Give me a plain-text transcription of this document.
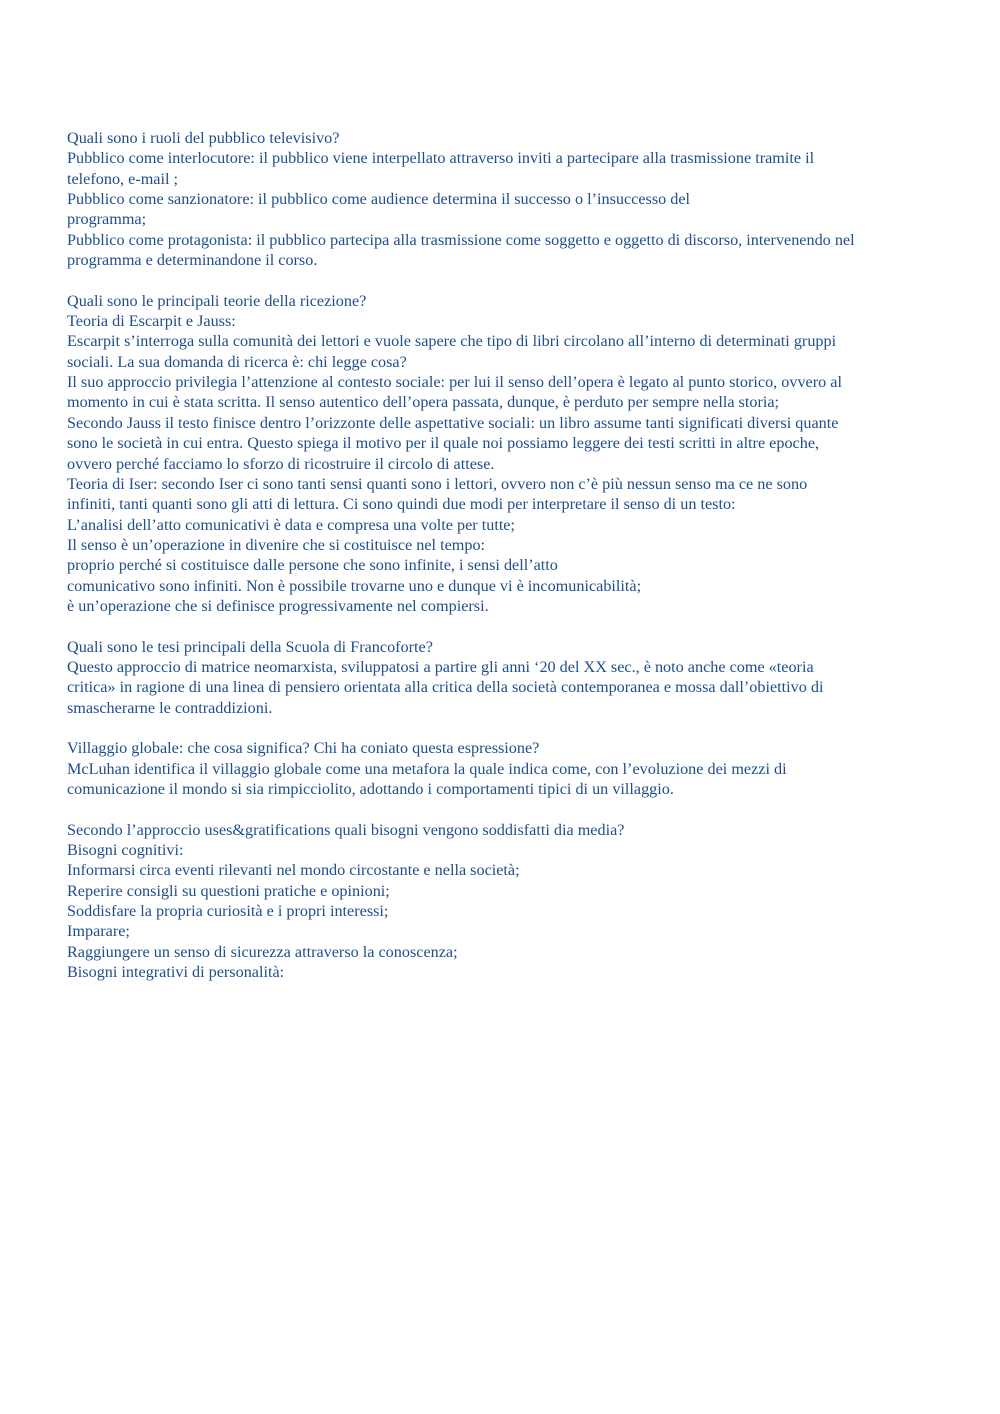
Quali sono i ruoli del pubblico televisivo?
Pubblico come interlocutore: il pubblico viene interpellato attraverso inviti a partecipare alla trasmissione tramite il
telefono, e-mail ;
Pubblico come sanzionatore: il pubblico come audience determina il successo o l’insuccesso del
programma;
Pubblico come protagonista: il pubblico partecipa alla trasmissione come soggetto e oggetto di discorso, intervenendo nel
programma e determinandone il corso.
Quali sono le principali teorie della ricezione?
Teoria di Escarpit e Jauss:
Escarpit s’interroga sulla comunità dei lettori e vuole sapere che tipo di libri circolano all’interno di determinati gruppi
sociali. La sua domanda di ricerca è: chi legge cosa?
Il suo approccio privilegia l’attenzione al contesto sociale: per lui il senso dell’opera è legato al punto storico, ovvero al
momento in cui è stata scritta. Il senso autentico dell’opera passata, dunque, è perduto per sempre nella storia;
Secondo Jauss il testo finisce dentro l’orizzonte delle aspettative sociali: un libro assume tanti significati diversi quante
sono le società in cui entra. Questo spiega il motivo per il quale noi possiamo leggere dei testi scritti in altre epoche,
ovvero perché facciamo lo sforzo di ricostruire il circolo di attese.
Teoria di Iser: secondo Iser ci sono tanti sensi quanti sono i lettori, ovvero non c’è più nessun senso ma ce ne sono
infiniti, tanti quanti sono gli atti di lettura. Ci sono quindi due modi per interpretare il senso di un testo:
L’analisi dell’atto comunicativi è data e compresa una volte per tutte;
Il senso è un’operazione in divenire che si costituisce nel tempo:
proprio perché si costituisce dalle persone che sono infinite, i sensi dell’atto
comunicativo sono infiniti. Non è possibile trovarne uno e dunque vi è incomunicabilità;
è un’operazione che si definisce progressivamente nel compiersi.
Quali sono le tesi principali della Scuola di Francoforte?
Questo approccio di matrice neomarxista, sviluppatosi a partire gli anni ‘20 del XX sec., è noto anche come «teoria
critica» in ragione di una linea di pensiero orientata alla critica della società contemporanea e mossa dall’obiettivo di
smascherarne le contraddizioni.
Villaggio globale: che cosa significa? Chi ha coniato questa espressione?
McLuhan identifica il villaggio globale come una metafora la quale indica come, con l’evoluzione dei mezzi di
comunicazione il mondo si sia rimpicciolito, adottando i comportamenti tipici di un villaggio.
Secondo l’approccio uses&gratifications quali bisogni vengono soddisfatti dia media?
Bisogni cognitivi:
Informarsi circa eventi rilevanti nel mondo circostante e nella società;
Reperire consigli su questioni pratiche e opinioni;
Soddisfare la propria curiosità e i propri interessi;
Imparare;
Raggiungere un senso di sicurezza attraverso la conoscenza;
Bisogni integrativi di personalità:
